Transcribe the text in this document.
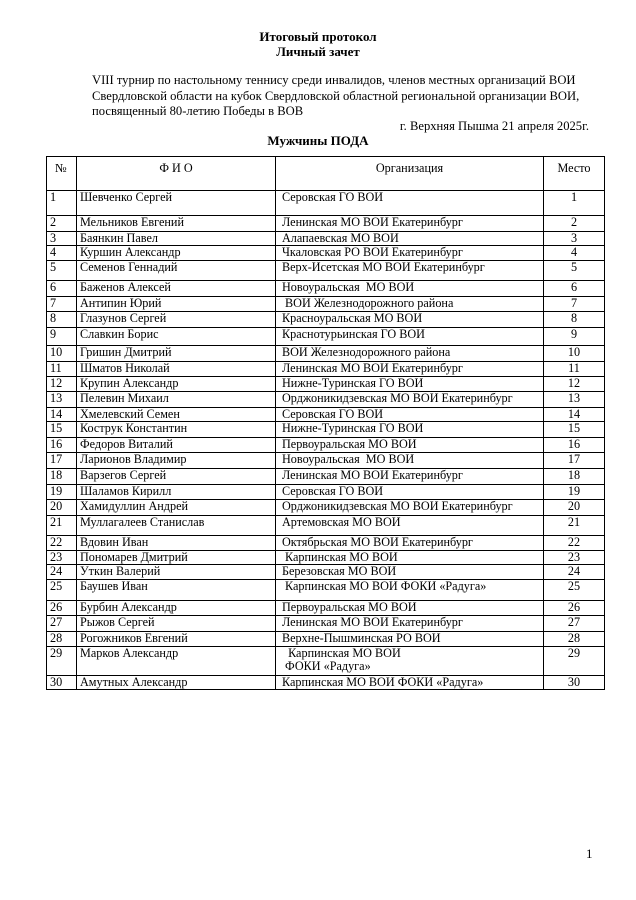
Итоговый протокол
Личный зачет
VIII турнир по настольному теннису среди инвалидов, членов местных организаций ВОИ
Свердловской области на кубок Свердловской областной региональной организации ВОИ,
посвященный 80-летию Победы в ВОВ
г. Верхняя Пышма 21 апреля 2025г.
Мужчины ПОДА
№	Ф И О	Организация	Место
1	Шевченко Сергей	Серовская ГО ВОИ	1
2	Мельников Евгений	Ленинская МО ВОИ Екатеринбург	2
3	Баянкин Павел	Алапаевская МО ВОИ	3
4	Куршин Александр	Чкаловская РО ВОИ Екатеринбург	4
5	Семенов Геннадий	Верх-Исетская МО ВОИ Екатеринбург	5
6	Баженов Алексей	Новоуральская  МО ВОИ	6
7	Антипин Юрий	ВОИ Железнодорожного района	7
8	Глазунов Сергей	Красноуральская МО ВОИ	8
9	Славкин Борис	Краснотурьинская ГО ВОИ	9
10	Гришин Дмитрий	ВОИ Железнодорожного района	10
11	Шматов Николай	Ленинская МО ВОИ Екатеринбург	11
12	Крупин Александр	Нижне-Туринская ГО ВОИ	12
13	Пелевин Михаил	Орджоникидзевская МО ВОИ Екатеринбург	13
14	Хмелевский Семен	Серовская ГО ВОИ	14
15	Кострук Константин	Нижне-Туринская ГО ВОИ	15
16	Федоров Виталий	Первоуральская МО ВОИ	16
17	Ларионов Владимир	Новоуральская  МО ВОИ	17
18	Варзегов Сергей	Ленинская МО ВОИ Екатеринбург	18
19	Шаламов Кирилл	Серовская ГО ВОИ	19
20	Хамидуллин Андрей	Орджоникидзевская МО ВОИ Екатеринбург	20
21	Муллагалеев Станислав	Артемовская МО ВОИ	21
22	Вдовин Иван	Октябрьская МО ВОИ Екатеринбург	22
23	Пономарев Дмитрий	Карпинская МО ВОИ	23
24	Уткин Валерий	Березовская МО ВОИ	24
25	Баушев Иван	Карпинская МО ВОИ ФОКИ «Радуга»	25
26	Бурбин Александр	Первоуральская МО ВОИ	26
27	Рыжов Сергей	Ленинская МО ВОИ Екатеринбург	27
28	Рогожников Евгений	Верхне-Пышминская РО ВОИ	28
29	Марков Александр	Карпинская МО ВОИ
ФОКИ «Радуга»	29
30	Амутных Александр	Карпинская МО ВОИ ФОКИ «Радуга»	30
1
